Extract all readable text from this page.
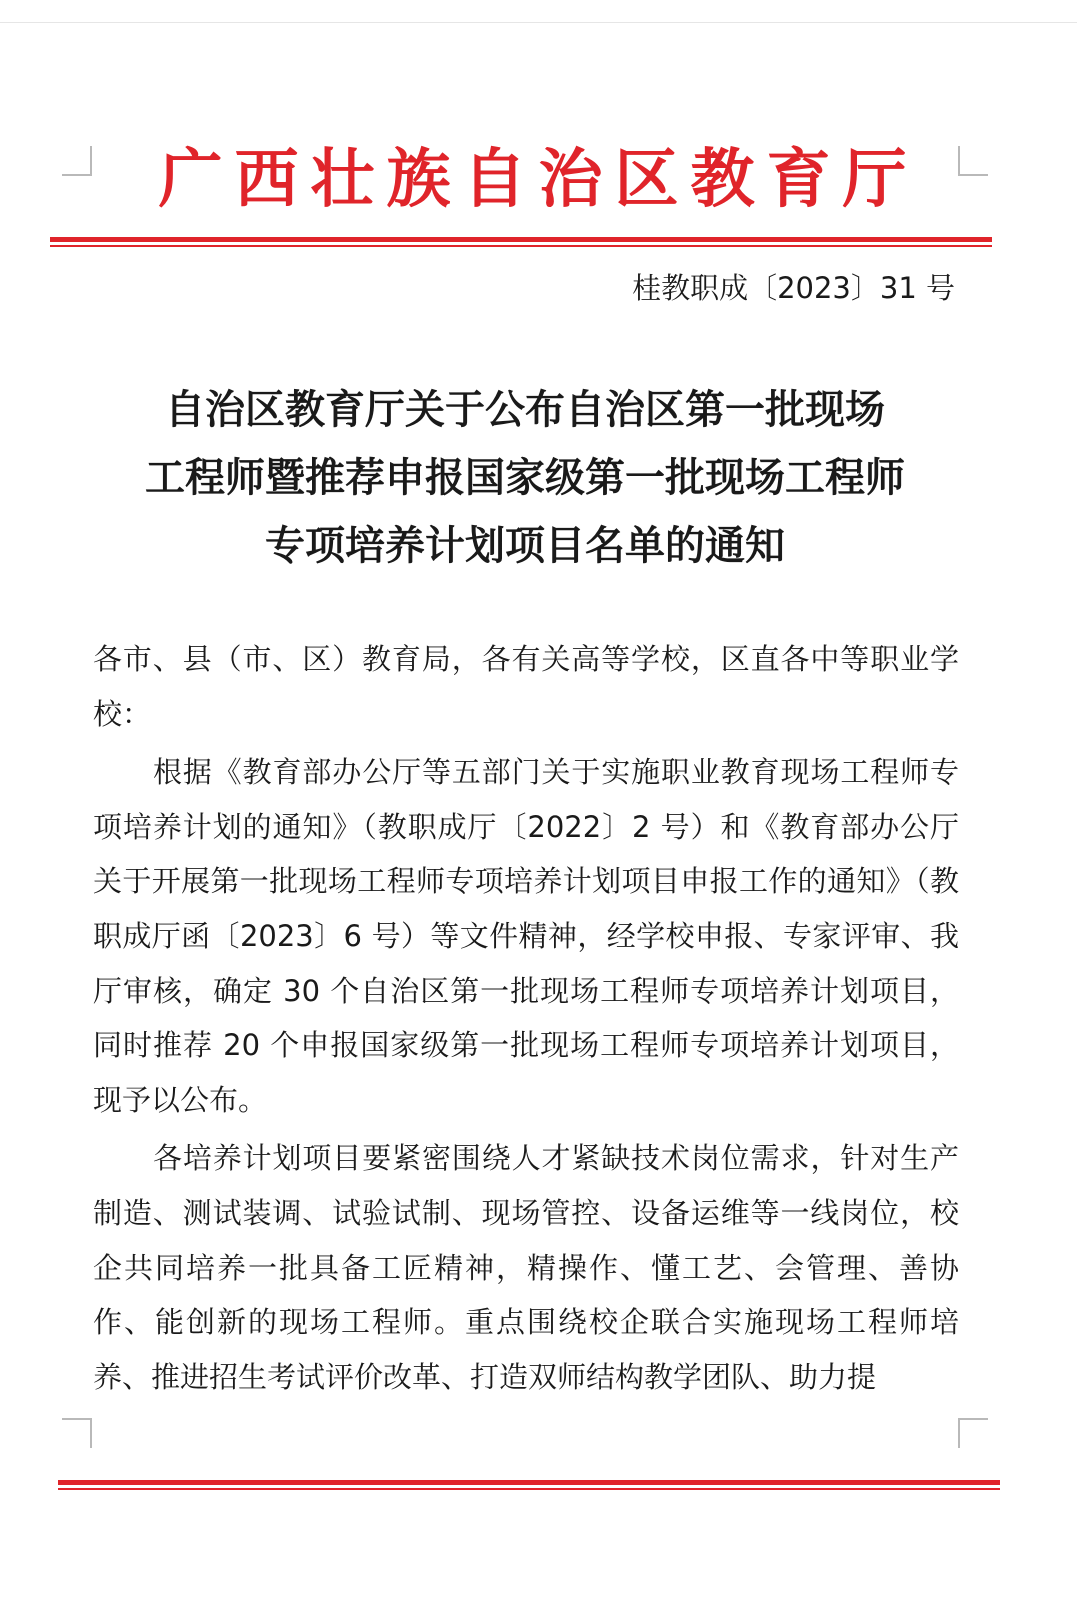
广西壮族自治区教育厅
桂教职成〔2023〕31 号
自治区教育厅关于公布自治区第一批现场
工程师暨推荐申报国家级第一批现场工程师
专项培养计划项目名单的通知

各市、县（市、区）教育局，各有关高等学校，区直各中等职业学校：

根据《教育部办公厅等五部门关于实施职业教育现场工程师专项培养计划的通知》（教职成厅〔2022〕2 号）和《教育部办公厅关于开展第一批现场工程师专项培养计划项目申报工作的通知》（教职成厅函〔2023〕6 号）等文件精神，经学校申报、专家评审、我厅审核，确定 30 个自治区第一批现场工程师专项培养计划项目，同时推荐 20 个申报国家级第一批现场工程师专项培养计划项目，现予以公布。

各培养计划项目要紧密围绕人才紧缺技术岗位需求，针对生产制造、测试装调、试验试制、现场管控、设备运维等一线岗位，校企共同培养一批具备工匠精神，精操作、懂工艺、会管理、善协作、能创新的现场工程师。重点围绕校企联合实施现场工程师培养、推进招生考试评价改革、打造双师结构教学团队、助力提
